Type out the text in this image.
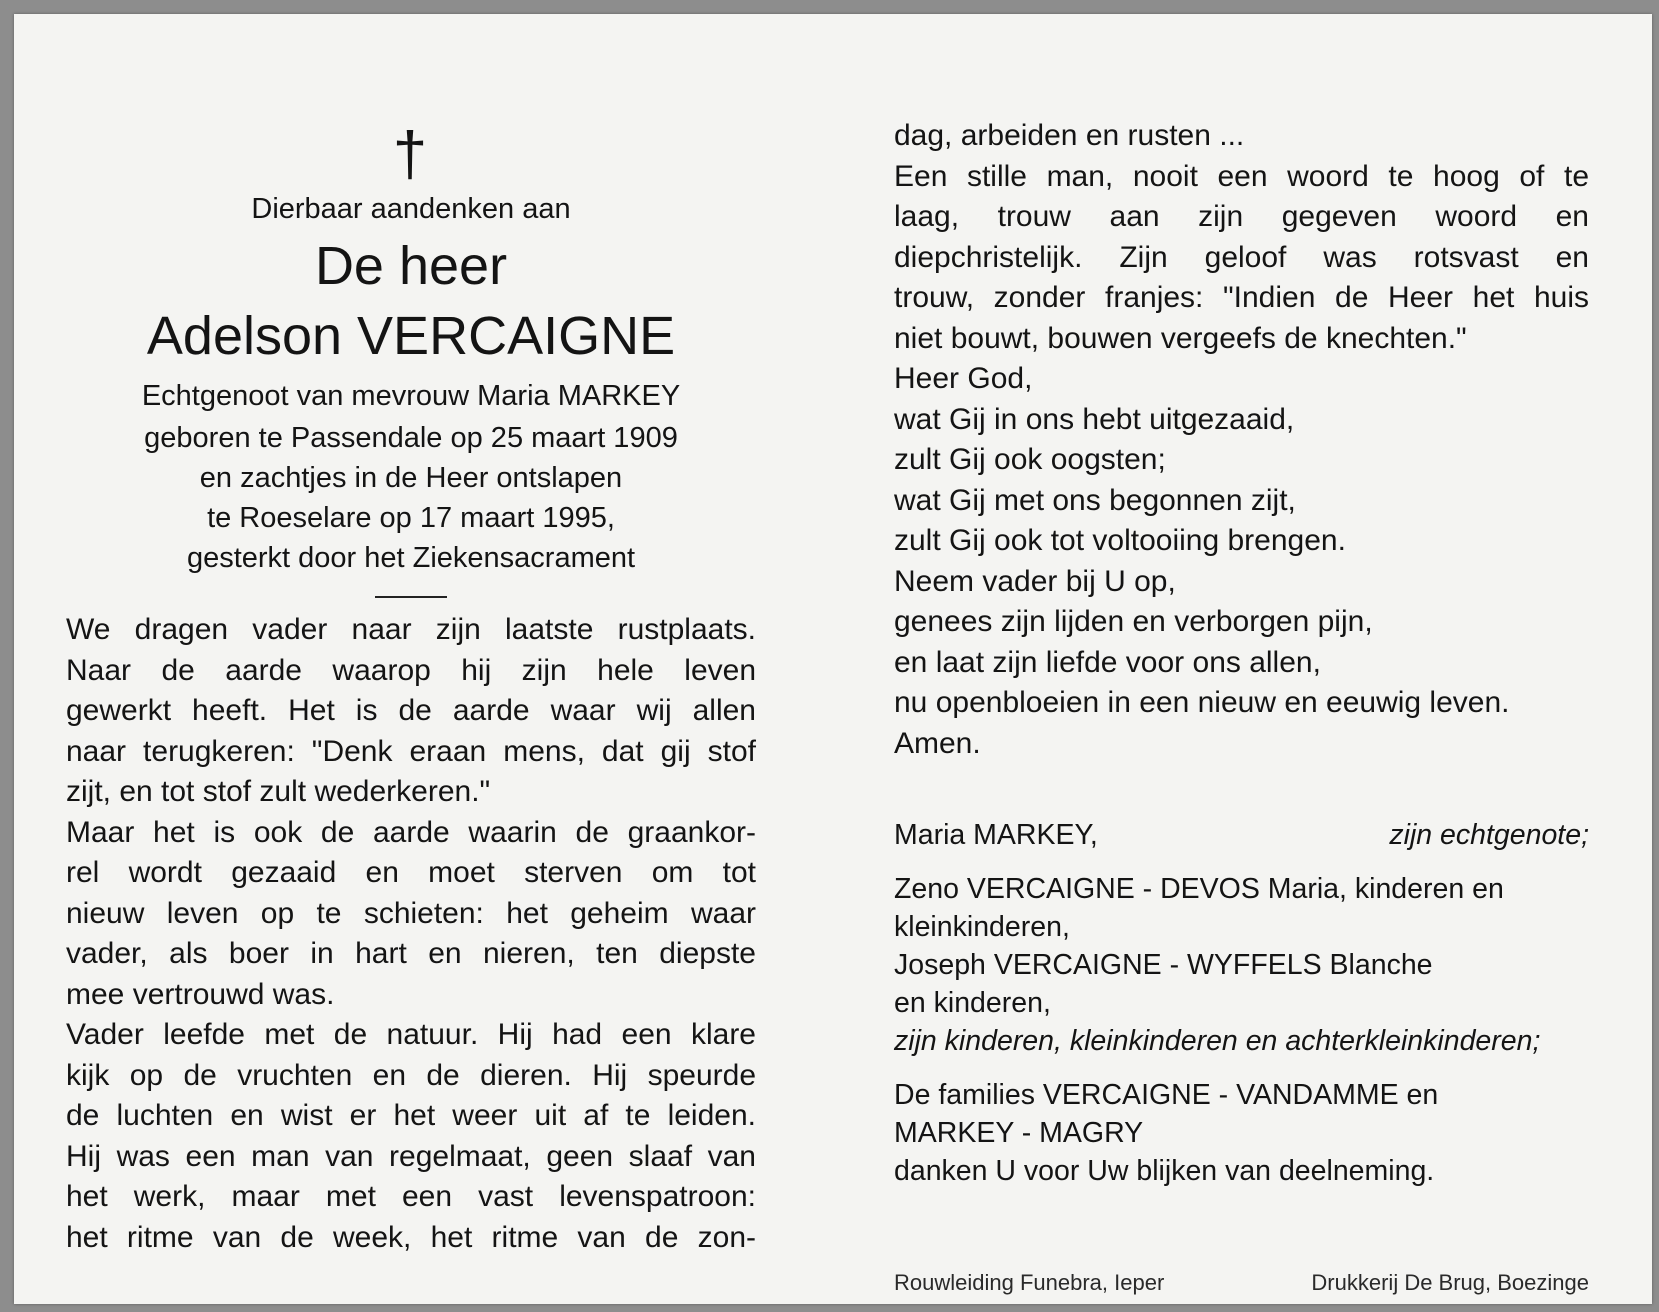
†
Dierbaar aandenken aan
De heer
Adelson VERCAIGNE
Echtgenoot van mevrouw Maria MARKEY
geboren te Passendale op 25 maart 1909
en zachtjes in de Heer ontslapen
te Roeselare op 17 maart 1995,
gesterkt door het Ziekensacrament

We dragen vader naar zijn laatste rustplaats.

Naar de aarde waarop hij zijn hele leven

gewerkt heeft. Het is de aarde waar wij allen

naar terugkeren: "Denk eraan mens, dat gij stof

zijt, en tot stof zult wederkeren."

Maar het is ook de aarde waarin de graankor-

rel wordt gezaaid en moet sterven om tot

nieuw leven op te schieten: het geheim waar

vader, als boer in hart en nieren, ten diepste

mee vertrouwd was.

Vader leefde met de natuur. Hij had een klare

kijk op de vruchten en de dieren. Hij speurde

de luchten en wist er het weer uit af te leiden.

Hij was een man van regelmaat, geen slaaf van

het werk, maar met een vast levenspatroon:

het ritme van de week, het ritme van de zon-

dag, arbeiden en rusten ...

Een stille man, nooit een woord te hoog of te

laag, trouw aan zijn gegeven woord en

diepchristelijk. Zijn geloof was rotsvast en

trouw, zonder franjes: "Indien de Heer het huis

niet bouwt, bouwen vergeefs de knechten."

Heer God,

wat Gij in ons hebt uitgezaaid,

zult Gij ook oogsten;

wat Gij met ons begonnen zijt,

zult Gij ook tot voltooiing brengen.

Neem vader bij U op,

genees zijn lijden en verborgen pijn,

en laat zijn liefde voor ons allen,

nu openbloeien in een nieuw en eeuwig leven.

Amen.

Maria MARKEY,	zijn echtgenote;

Zeno VERCAIGNE - DEVOS Maria, kinderen en

kleinkinderen,

Joseph VERCAIGNE - WYFFELS Blanche

en kinderen,

zijn kinderen, kleinkinderen en achterkleinkinderen;

De families VERCAIGNE - VANDAMME en

MARKEY - MAGRY

danken U voor Uw blijken van deelneming.

Rouwleiding Funebra, Ieper	Drukkerij De Brug, Boezinge
